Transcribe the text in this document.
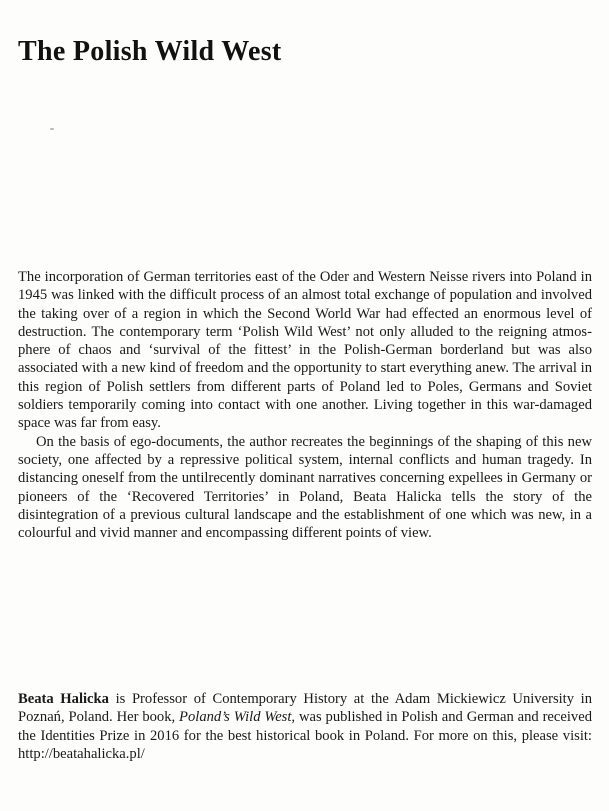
The Polish Wild West

The incorporation of German territories east of the Oder and Western Neisse rivers into Poland in 1945 was linked with the difficult process of an almost total exchange of population and involved the taking over of a region in which the Second World War had effected an enormous level of destruction. The contemporary term ‘Polish Wild West’ not only alluded to the reigning atmosphere of chaos and ‘survival of the fittest’ in the Polish-German borderland but was also associated with a new kind of freedom and the opportunity to start everything anew. The arrival in this region of Polish settlers from different parts of Poland led to Poles, Germans and Soviet soldiers temporarily coming into contact with one another. Living together in this war-damaged space was far from easy.

On the basis of ego-documents, the author recreates the beginnings of the shaping of this new society, one affected by a repressive political system, internal conflicts and human tragedy. In distancing oneself from the untilrecently dominant narratives concerning expellees in Germany or pioneers of the ‘Recovered Territories’ in Poland, Beata Halicka tells the story of the disintegration of a previous cultural landscape and the establishment of one which was new, in a colourful and vivid manner and encompassing different points of view.

Beata Halicka is Professor of Contemporary History at the Adam Mickiewicz University in Poznań, Poland. Her book, Poland’s Wild West, was published in Polish and German and received the Identities Prize in 2016 for the best historical book in Poland. For more on this, please visit: http://beatahalicka.pl/
